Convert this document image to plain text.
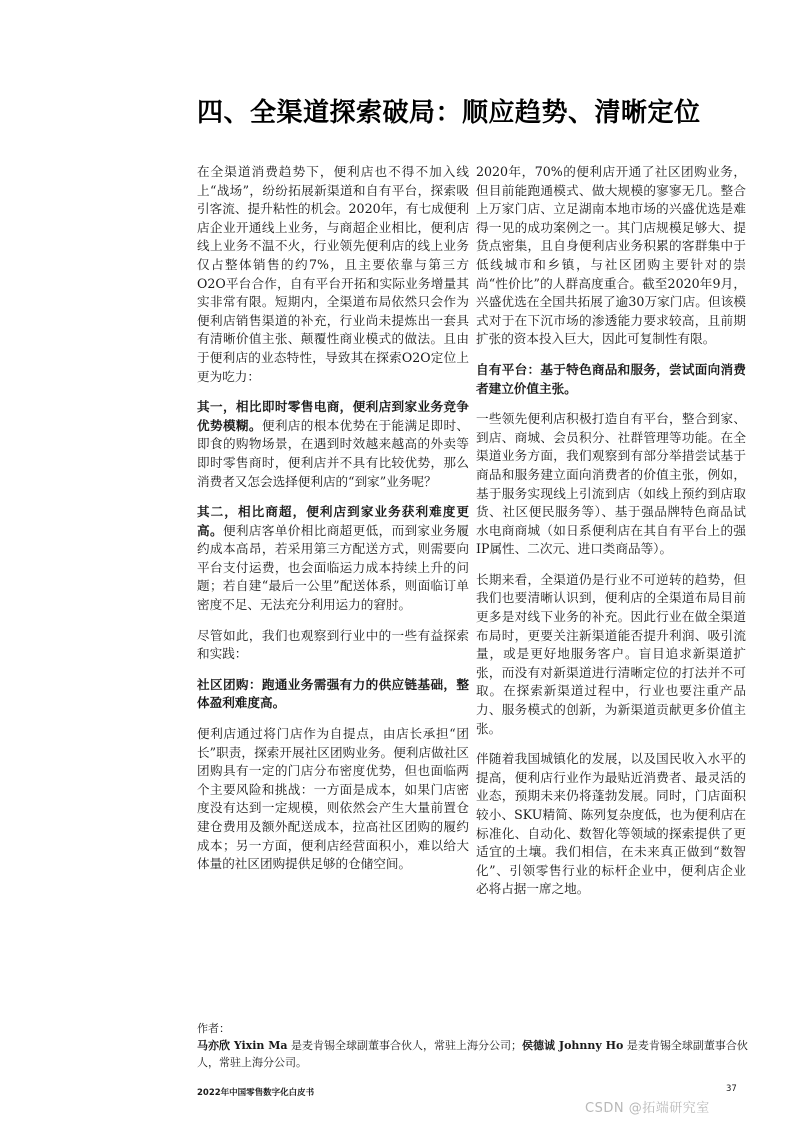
四、全渠道探索破局：顺应趋势、清晰定位

在全渠道消费趋势下，便利店也不得不加入线上“战场”，纷纷拓展新渠道和自有平台，探索吸引客流、提升粘性的机会。2020年，有七成便利店企业开通线上业务，与商超企业相比，便利店线上业务不温不火，行业领先便利店的线上业务仅占整体销售的约7%，且主要依靠与第三方O2O平台合作，自有平台开拓和实际业务增量其实非常有限。短期内，全渠道布局依然只会作为便利店销售渠道的补充，行业尚未提炼出一套具有清晰价值主张、颠覆性商业模式的做法。且由于便利店的业态特性，导致其在探索O2O定位上更为吃力：

其一，相比即时零售电商，便利店到家业务竞争优势模糊。便利店的根本优势在于能满足即时、即食的购物场景，在遇到时效越来越高的外卖等即时零售商时，便利店并不具有比较优势，那么消费者又怎会选择便利店的“到家”业务呢？

其二，相比商超，便利店到家业务获利难度更高。便利店客单价相比商超更低，而到家业务履约成本高昂，若采用第三方配送方式，则需要向平台支付运费，也会面临运力成本持续上升的问题；若自建“最后一公里”配送体系，则面临订单密度不足、无法充分利用运力的窘肘。

尽管如此，我们也观察到行业中的一些有益探索和实践：

社区团购：跑通业务需强有力的供应链基础，整体盈利难度高。

便利店通过将门店作为自提点，由店长承担“团长”职责，探索开展社区团购业务。便利店做社区团购具有一定的门店分布密度优势，但也面临两个主要风险和挑战：一方面是成本，如果门店密度没有达到一定规模，则依然会产生大量前置仓建仓费用及额外配送成本，拉高社区团购的履约成本；另一方面，便利店经营面积小，难以给大体量的社区团购提供足够的仓储空间。

2020年，70%的便利店开通了社区团购业务，但目前能跑通模式、做大规模的寥寥无几。整合上万家门店、立足湖南本地市场的兴盛优选是难得一见的成功案例之一。其门店规模足够大、提货点密集，且自身便利店业务积累的客群集中于低线城市和乡镇，与社区团购主要针对的崇尚“性价比”的人群高度重合。截至2020年9月，兴盛优选在全国共拓展了逾30万家门店。但该模式对于在下沉市场的渗透能力要求较高，且前期扩张的资本投入巨大，因此可复制性有限。

自有平台：基于特色商品和服务，尝试面向消费者建立价值主张。

一些领先便利店积极打造自有平台，整合到家、到店、商城、会员积分、社群管理等功能。在全渠道业务方面，我们观察到有部分举措尝试基于商品和服务建立面向消费者的价值主张，例如，基于服务实现线上引流到店（如线上预约到店取货、社区便民服务等）、基于强品牌特色商品试水电商商城（如日系便利店在其自有平台上的强IP属性、二次元、进口类商品等）。

长期来看，全渠道仍是行业不可逆转的趋势，但我们也要清晰认识到，便利店的全渠道布局目前更多是对线下业务的补充。因此行业在做全渠道布局时，更要关注新渠道能否提升利润、吸引流量，或是更好地服务客户。盲目追求新渠道扩张，而没有对新渠道进行清晰定位的打法并不可取。在探索新渠道过程中，行业也要注重产品力、服务模式的创新，为新渠道贡献更多价值主张。

伴随着我国城镇化的发展，以及国民收入水平的提高，便利店行业作为最贴近消费者、最灵活的业态，预期未来仍将蓬勃发展。同时，门店面积较小、SKU精简、陈列复杂度低，也为便利店在标准化、自动化、数智化等领域的探索提供了更适宜的土壤。我们相信，在未来真正做到“数智化”、引领零售行业的标杆企业中，便利店企业必将占据一席之地。

作者：

马亦欣 Yixin Ma 是麦肯锡全球副董事合伙人，常驻上海分公司；侯德诚 Johnny Ho 是麦肯锡全球副董事合伙人，常驻上海分公司。

2022年中国零售数字化白皮书	37
CSDN @拓端研究室
